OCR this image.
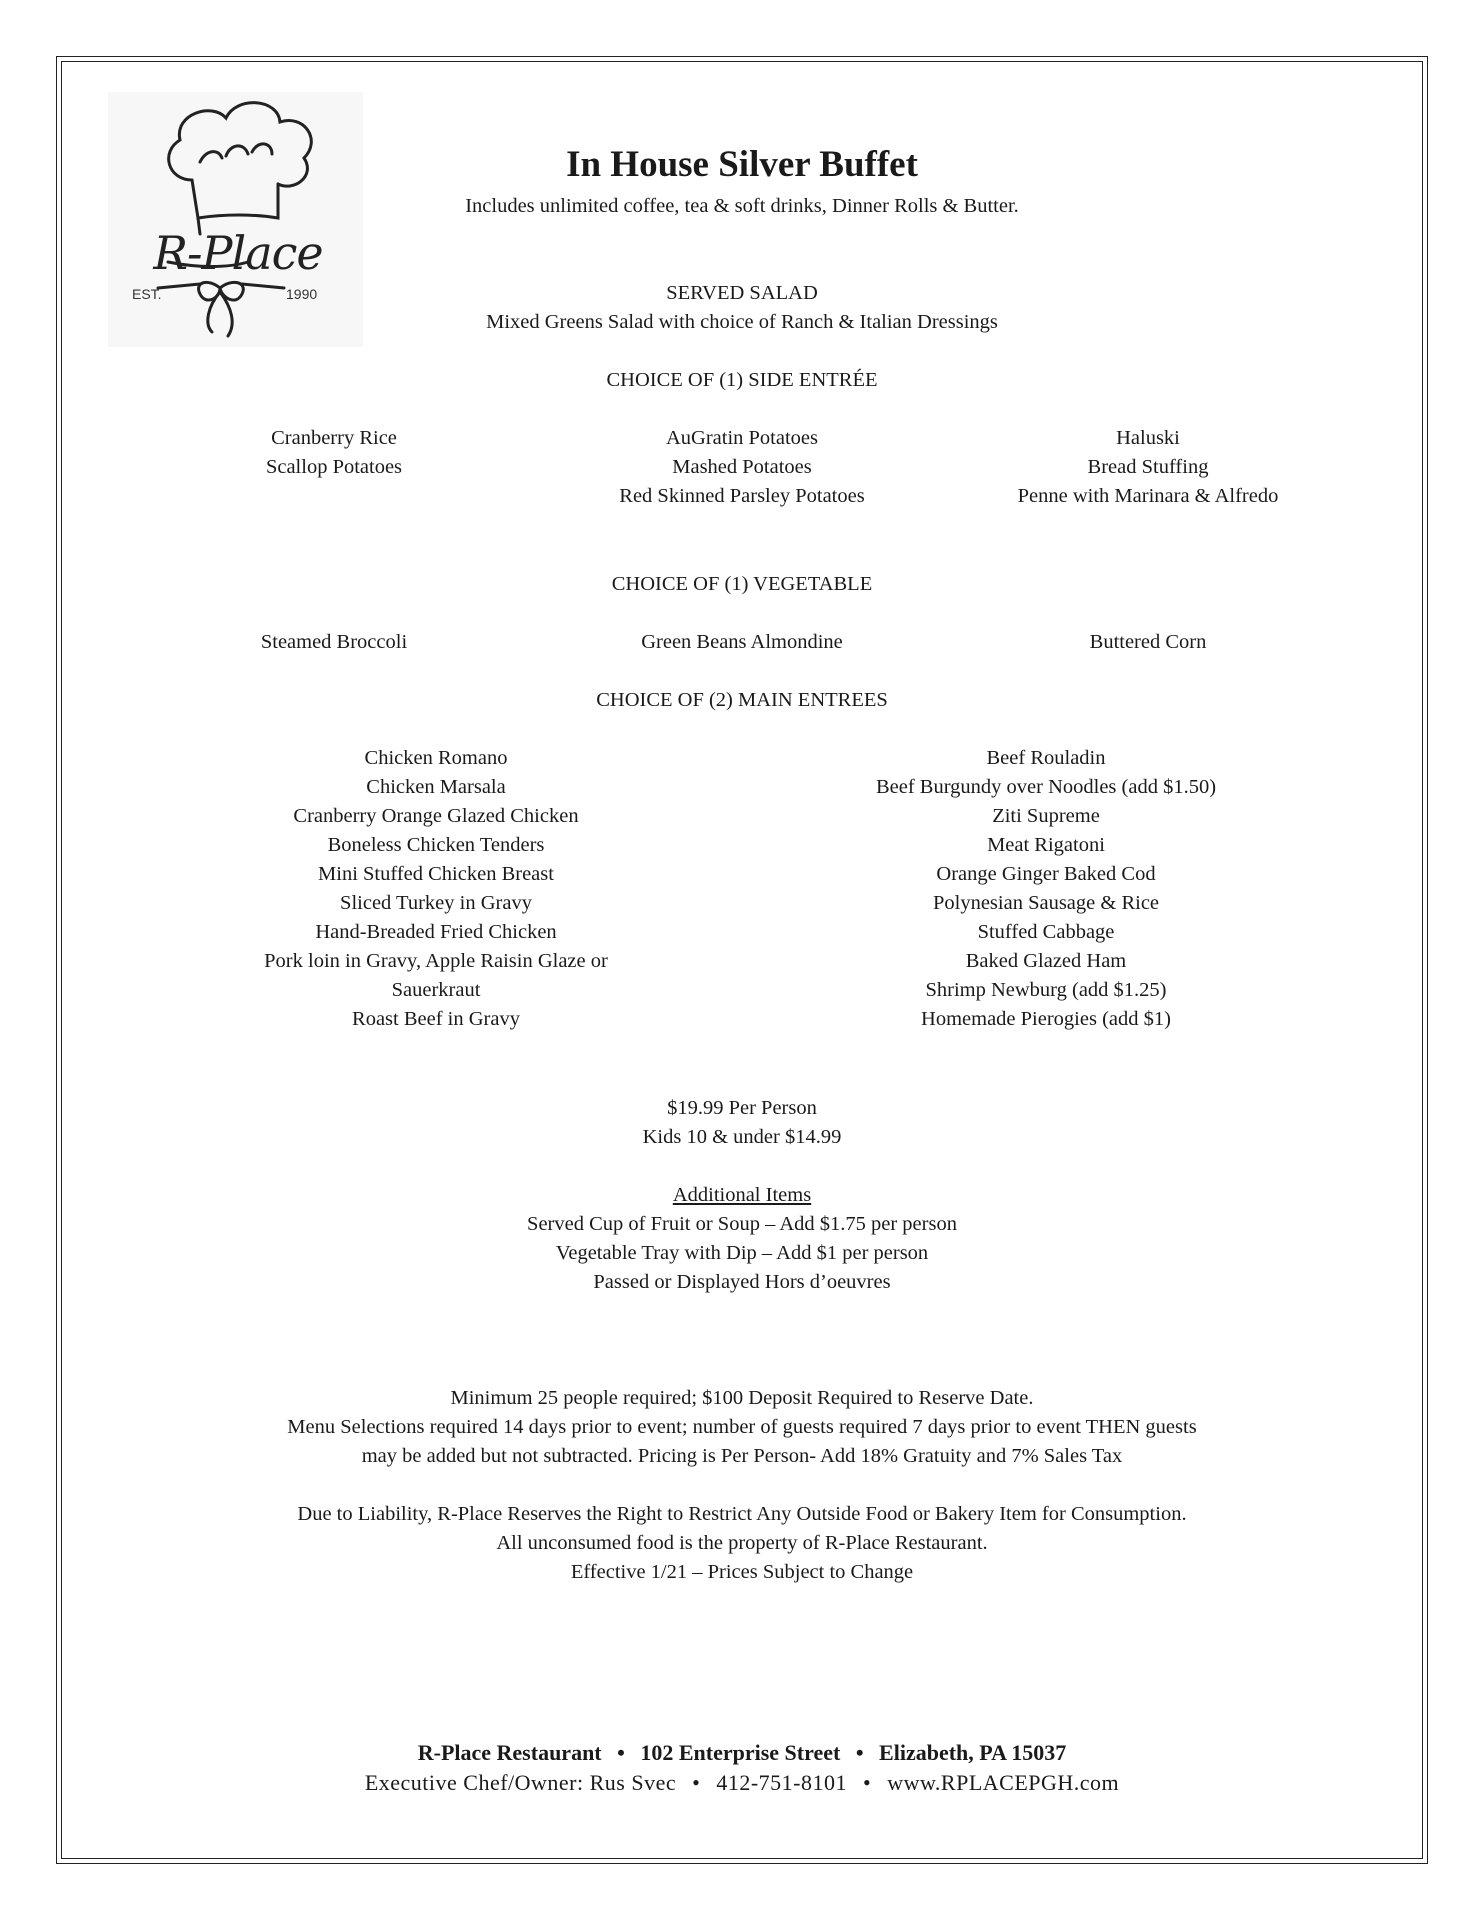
R-Place
EST.	1990
In House Silver Buffet
Includes unlimited coffee, tea & soft drinks, Dinner Rolls & Butter.
SERVED SALAD
Mixed Greens Salad with choice of Ranch & Italian Dressings
CHOICE OF (1) SIDE ENTRÉE
Cranberry Rice
Scallop Potatoes
AuGratin Potatoes
Mashed Potatoes
Red Skinned Parsley Potatoes
Haluski
Bread Stuffing
Penne with Marinara & Alfredo
CHOICE OF (1) VEGETABLE
Steamed Broccoli	Green Beans Almondine	Buttered Corn
CHOICE OF (2) MAIN ENTREES
Chicken Romano
Chicken Marsala
Cranberry Orange Glazed Chicken
Boneless Chicken Tenders
Mini Stuffed Chicken Breast
Sliced Turkey in Gravy
Hand-Breaded Fried Chicken
Pork loin in Gravy, Apple Raisin Glaze or
Sauerkraut
Roast Beef in Gravy
Beef Rouladin
Beef Burgundy over Noodles (add $1.50)
Ziti Supreme
Meat Rigatoni
Orange Ginger Baked Cod
Polynesian Sausage & Rice
Stuffed Cabbage
Baked Glazed Ham
Shrimp Newburg (add $1.25)
Homemade Pierogies (add $1)
$19.99 Per Person
Kids 10 & under $14.99
Additional Items
Served Cup of Fruit or Soup – Add $1.75 per person
Vegetable Tray with Dip – Add $1 per person
Passed or Displayed Hors d’oeuvres
Minimum 25 people required; $100 Deposit Required to Reserve Date.
Menu Selections required 14 days prior to event; number of guests required 7 days prior to event THEN guests
may be added but not subtracted. Pricing is Per Person- Add 18% Gratuity and 7% Sales Tax
Due to Liability, R-Place Reserves the Right to Restrict Any Outside Food or Bakery Item for Consumption.
All unconsumed food is the property of R-Place Restaurant.
Effective 1/21 – Prices Subject to Change
R-Place Restaurant • 102 Enterprise Street • Elizabeth, PA 15037
Executive Chef/Owner: Rus Svec • 412-751-8101 • www.RPLACEPGH.com
